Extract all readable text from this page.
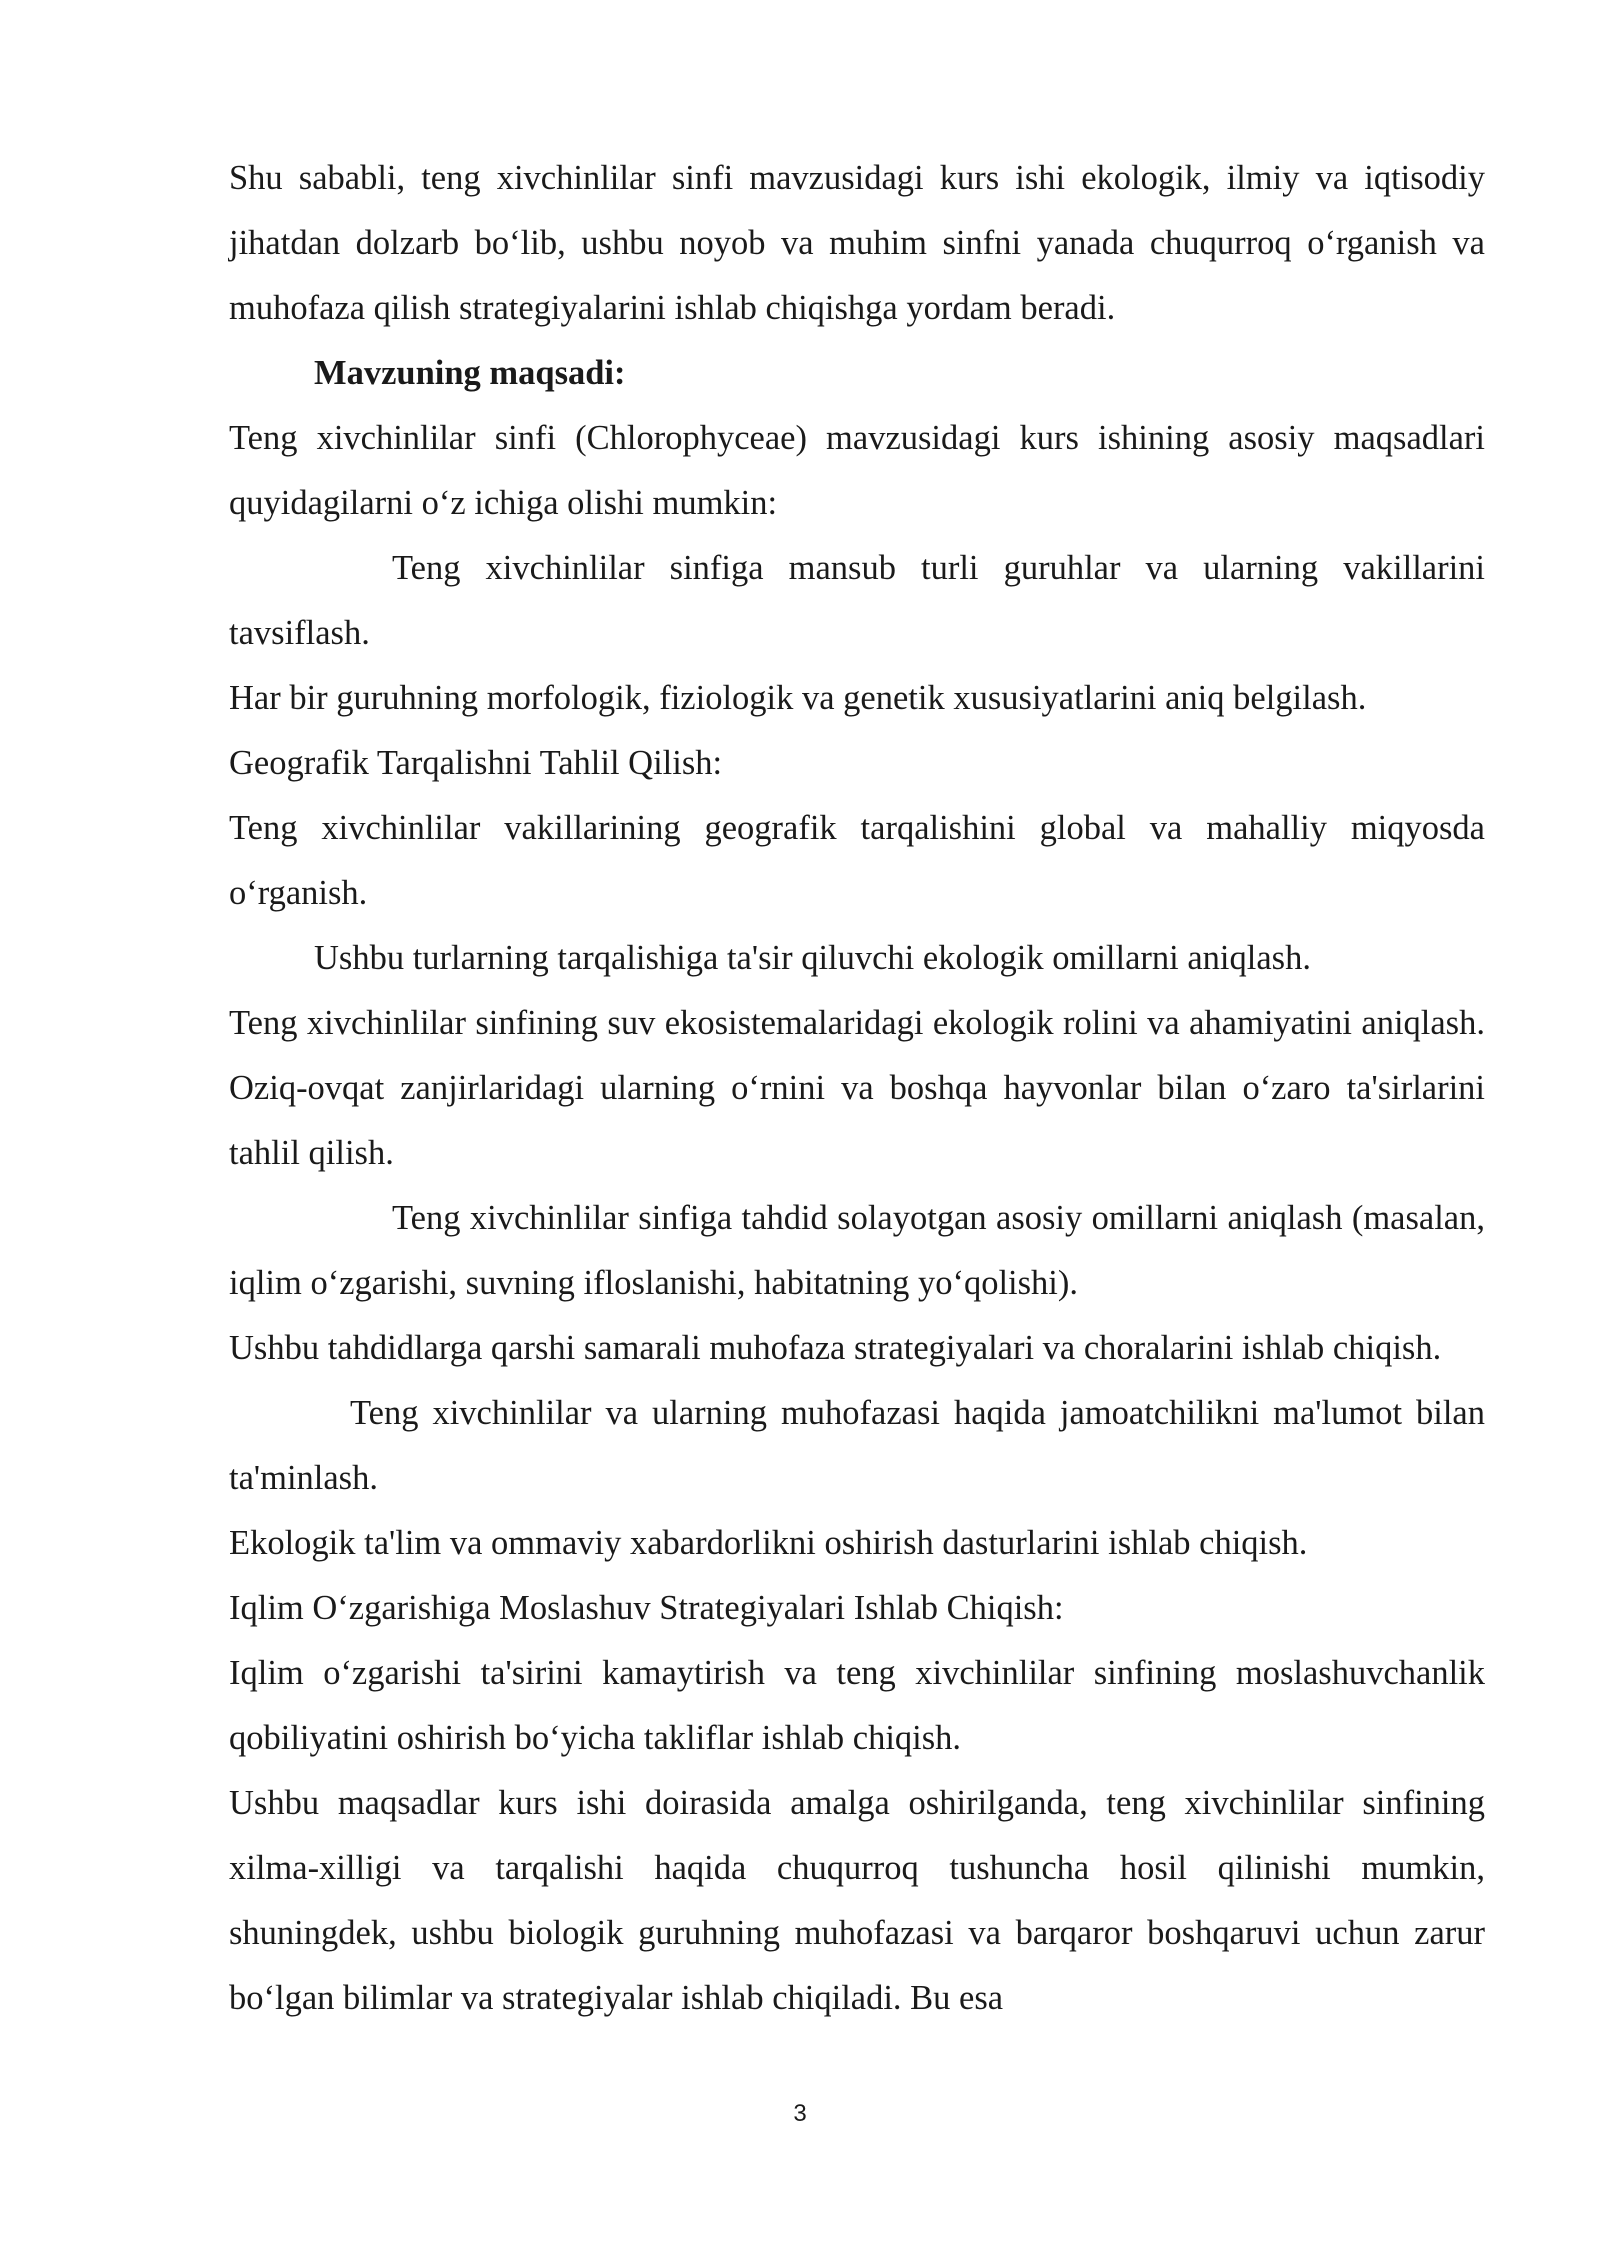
Shu sababli, teng xivchinlilar sinfi mavzusidagi kurs ishi ekologik, ilmiy va iqtisodiy jihatdan dolzarb bo‘lib, ushbu noyob va muhim sinfni yanada chuqurroq o‘rganish va muhofaza qilish strategiyalarini ishlab chiqishga yordam beradi.

Mavzuning maqsadi:

Teng xivchinlilar sinfi (Chlorophyceae) mavzusidagi kurs ishining asosiy maqsadlari quyidagilarni o‘z ichiga olishi mumkin:

Teng xivchinlilar sinfiga mansub turli guruhlar va ularning vakillarini tavsiflash.

Har bir guruhning morfologik, fiziologik va genetik xususiyatlarini aniq belgilash.

Geografik Tarqalishni Tahlil Qilish:

Teng xivchinlilar vakillarining geografik tarqalishini global va mahalliy miqyosda o‘rganish.

Ushbu turlarning tarqalishiga ta'sir qiluvchi ekologik omillarni aniqlash.

Teng xivchinlilar sinfining suv ekosistemalaridagi ekologik rolini va ahamiyatini aniqlash. Oziq-ovqat zanjirlaridagi ularning o‘rnini va boshqa hayvonlar bilan o‘zaro ta'sirlarini tahlil qilish.

Teng xivchinlilar sinfiga tahdid solayotgan asosiy omillarni aniqlash (masalan, iqlim o‘zgarishi, suvning ifloslanishi, habitatning yo‘qolishi).

Ushbu tahdidlarga qarshi samarali muhofaza strategiyalari va choralarini ishlab chiqish.

Teng xivchinlilar va ularning muhofazasi haqida jamoatchilikni ma'lumot bilan ta'minlash.

Ekologik ta'lim va ommaviy xabardorlikni oshirish dasturlarini ishlab chiqish.

Iqlim O‘zgarishiga Moslashuv Strategiyalari Ishlab Chiqish:

Iqlim o‘zgarishi ta'sirini kamaytirish va teng xivchinlilar sinfining moslashuvchanlik qobiliyatini oshirish bo‘yicha takliflar ishlab chiqish.

Ushbu maqsadlar kurs ishi doirasida amalga oshirilganda, teng xivchinlilar sinfining xilma-xilligi va tarqalishi haqida chuqurroq tushuncha hosil qilinishi mumkin, shuningdek, ushbu biologik guruhning muhofazasi va barqaror boshqaruvi uchun zarur bo‘lgan bilimlar va strategiyalar ishlab chiqiladi. Bu esa

3
